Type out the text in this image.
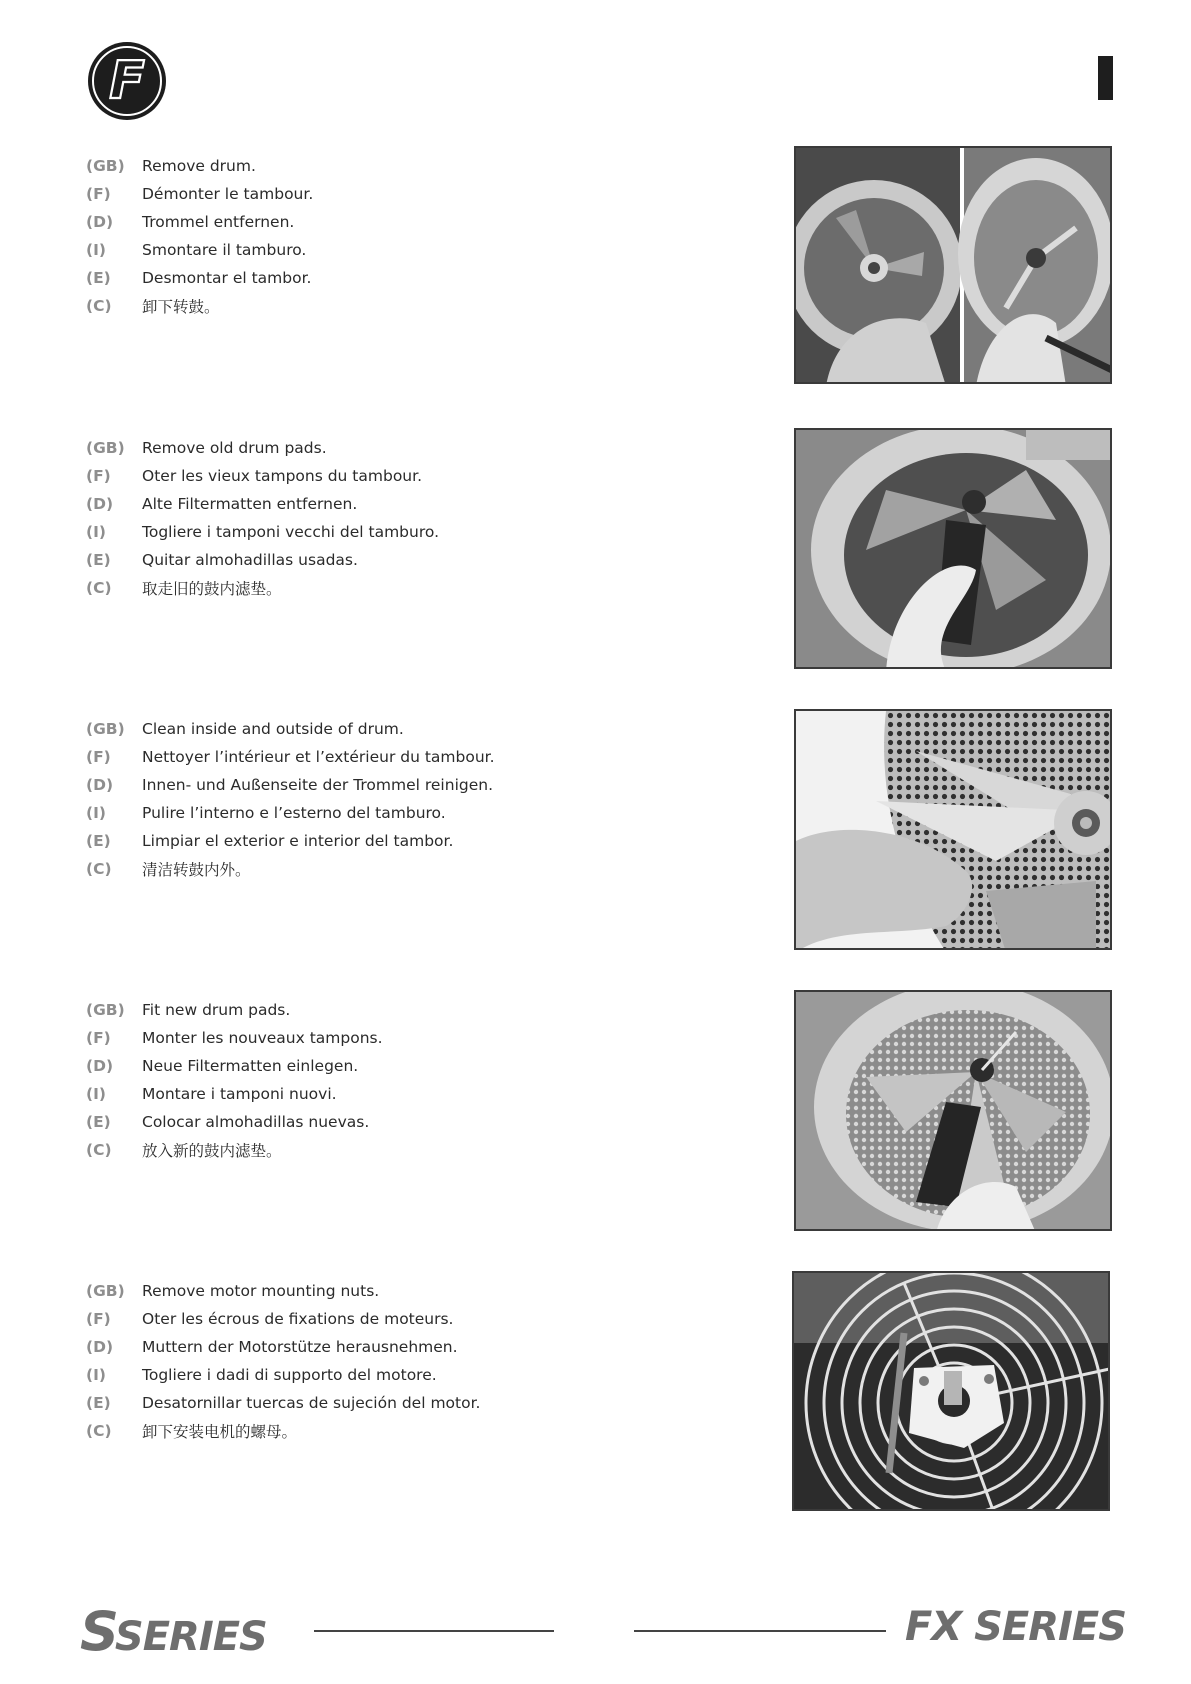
F
(GB)	Remove drum.
(F)	Démonter le tambour.
(D)	Trommel entfernen.
(I)	Smontare il tamburo.
(E)	Desmontar el tambor.
(C)	卸下转鼓。
(GB)	Remove old drum pads.
(F)	Oter les vieux tampons du tambour.
(D)	Alte Filtermatten entfernen.
(I)	Togliere i tamponi vecchi del tamburo.
(E)	Quitar almohadillas usadas.
(C)	取走旧的鼓内滤垫。
(GB)	Clean inside and outside of drum.
(F)	Nettoyer l’intérieur et l’extérieur du tambour.
(D)	Innen- und Außenseite der Trommel reinigen.
(I)	Pulire l’interno e l’esterno del tamburo.
(E)	Limpiar el exterior e interior del tambor.
(C)	清洁转鼓内外。
(GB)	Fit new drum pads.
(F)	Monter les nouveaux tampons.
(D)	Neue Filtermatten einlegen.
(I)	Montare i tamponi nuovi.
(E)	Colocar almohadillas nuevas.
(C)	放入新的鼓内滤垫。
(GB)	Remove motor mounting nuts.
(F)	Oter les écrous de fixations de moteurs.
(D)	Muttern der Motorstütze herausnehmen.
(I)	Togliere i dadi di supporto del motore.
(E)	Desatornillar tuercas de sujeción del motor.
(C)	卸下安装电机的螺母。
SSERIES	FX SERIES
